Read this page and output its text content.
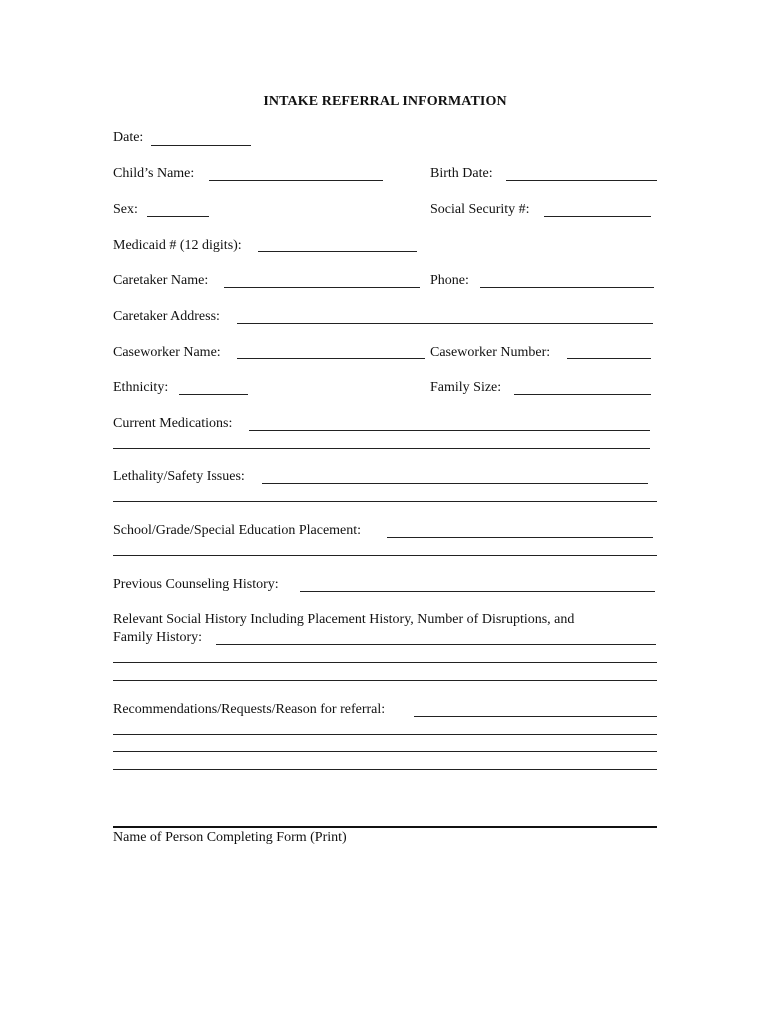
INTAKE REFERRAL INFORMATION
Date:
Child’s Name:	Birth Date:
Sex:	Social Security #:
Medicaid # (12 digits):
Caretaker Name:	Phone:
Caretaker Address:
Caseworker Name:	Caseworker Number:
Ethnicity:	Family Size:
Current Medications:
Lethality/Safety Issues:
School/Grade/Special Education Placement:
Previous Counseling History:
Relevant Social History Including Placement History, Number of Disruptions, and
Family History:
Recommendations/Requests/Reason for referral:
Name of Person Completing Form (Print)
